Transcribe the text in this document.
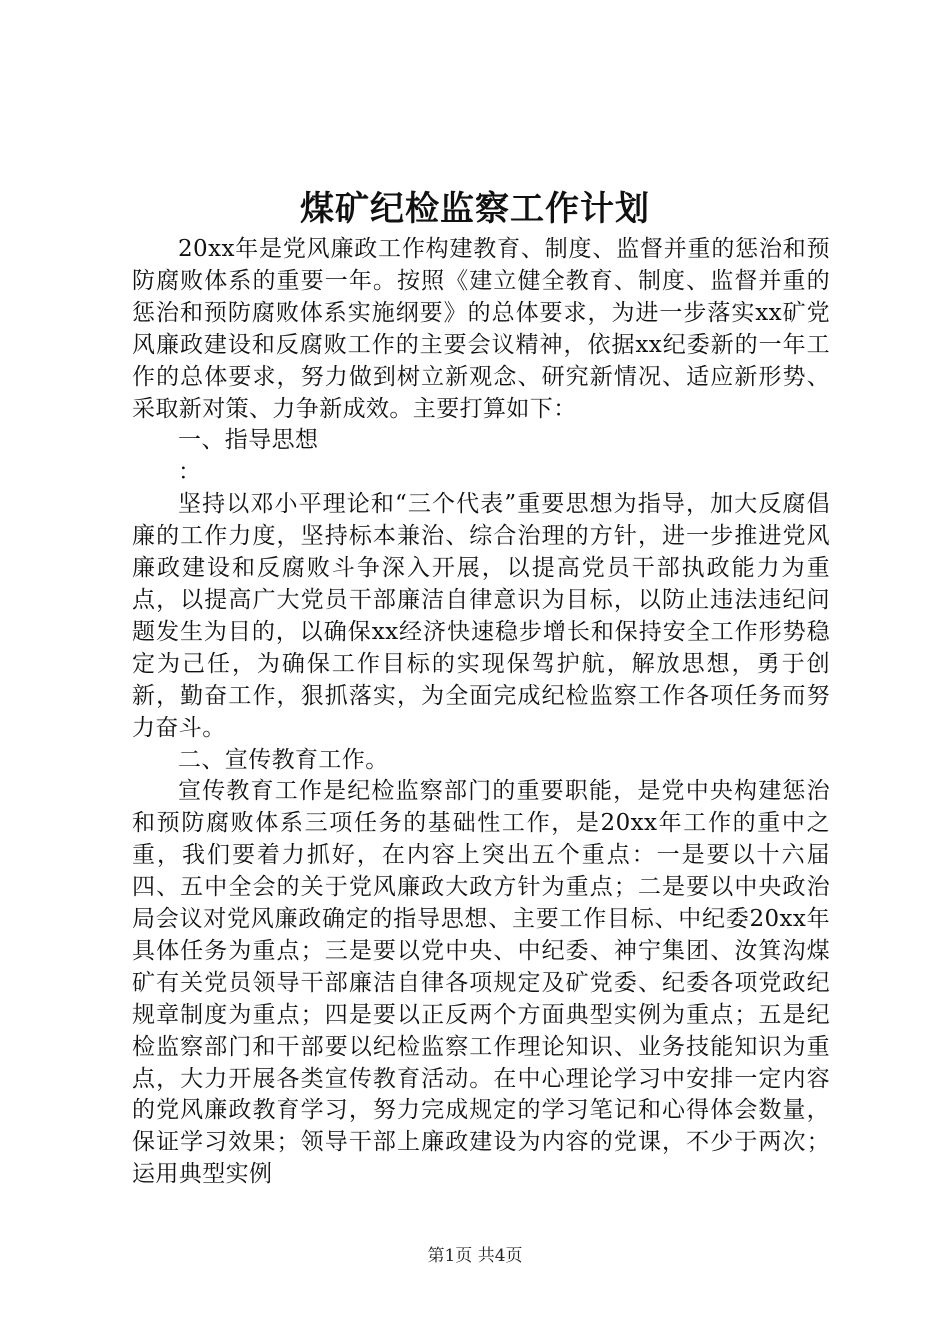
煤矿纪检监察工作计划

20xx年是党风廉政工作构建教育、制度、监督并重的惩治和预防腐败体系的重要一年。按照《建立健全教育、制度、监督并重的惩治和预防腐败体系实施纲要》的总体要求，为进一步落实xx矿党风廉政建设和反腐败工作的主要会议精神，依据xx纪委新的一年工作的总体要求，努力做到树立新观念、研究新情况、适应新形势、采取新对策、力争新成效。主要打算如下：

一、指导思想

：

坚持以邓小平理论和“三个代表”重要思想为指导，加大反腐倡廉的工作力度，坚持标本兼治、综合治理的方针，进一步推进党风廉政建设和反腐败斗争深入开展，以提高党员干部执政能力为重点，以提高广大党员干部廉洁自律意识为目标，以防止违法违纪问题发生为目的，以确保xx经济快速稳步增长和保持安全工作形势稳定为己任，为确保工作目标的实现保驾护航，解放思想，勇于创新，勤奋工作，狠抓落实，为全面完成纪检监察工作各项任务而努力奋斗。

二、宣传教育工作。

宣传教育工作是纪检监察部门的重要职能，是党中央构建惩治和预防腐败体系三项任务的基础性工作，是20xx年工作的重中之重，我们要着力抓好，在内容上突出五个重点：一是要以十六届四、五中全会的关于党风廉政大政方针为重点；二是要以中央政治局会议对党风廉政确定的指导思想、主要工作目标、中纪委20xx年具体任务为重点；三是要以党中央、中纪委、神宁集团、汝箕沟煤矿有关党员领导干部廉洁自律各项规定及矿党委、纪委各项党政纪规章制度为重点；四是要以正反两个方面典型实例为重点；五是纪检监察部门和干部要以纪检监察工作理论知识、业务技能知识为重点，大力开展各类宣传教育活动。在中心理论学习中安排一定内容的党风廉政教育学习，努力完成规定的学习笔记和心得体会数量，保证学习效果；领导干部上廉政建设为内容的党课，不少于两次；运用典型实例

第1页 共4页
